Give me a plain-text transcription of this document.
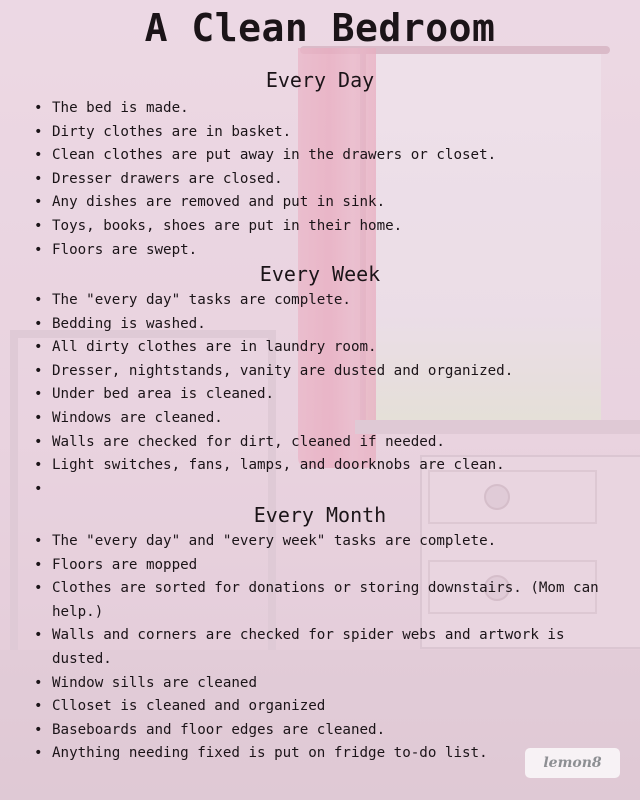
A Clean Bedroom
Every Day
• The bed is made.
• Dirty clothes are in basket.
• Clean clothes are put away in the drawers or closet.
• Dresser drawers are closed.
• Any dishes are removed and put in sink.
• Toys, books, shoes are put in their home.
• Floors are swept.
Every Week
• The "every day" tasks are complete.
• Bedding is washed.
• All dirty clothes are in laundry room.
• Dresser, nightstands, vanity are dusted and organized.
• Under bed area is cleaned.
• Windows are cleaned.
• Walls are checked for dirt, cleaned if needed.
• Light switches, fans, lamps, and doorknobs are clean.
•
Every Month
• The "every day" and "every week" tasks are complete.
• Floors are mopped
• Clothes are sorted for donations or storing downstairs. (Mom can help.)
• Walls and corners are checked for spider webs and artwork is dusted.
• Window sills are cleaned
• Clloset is cleaned and organized
• Baseboards and floor edges are cleaned.
• Anything needing fixed is put on fridge to-do list.
lemon8
